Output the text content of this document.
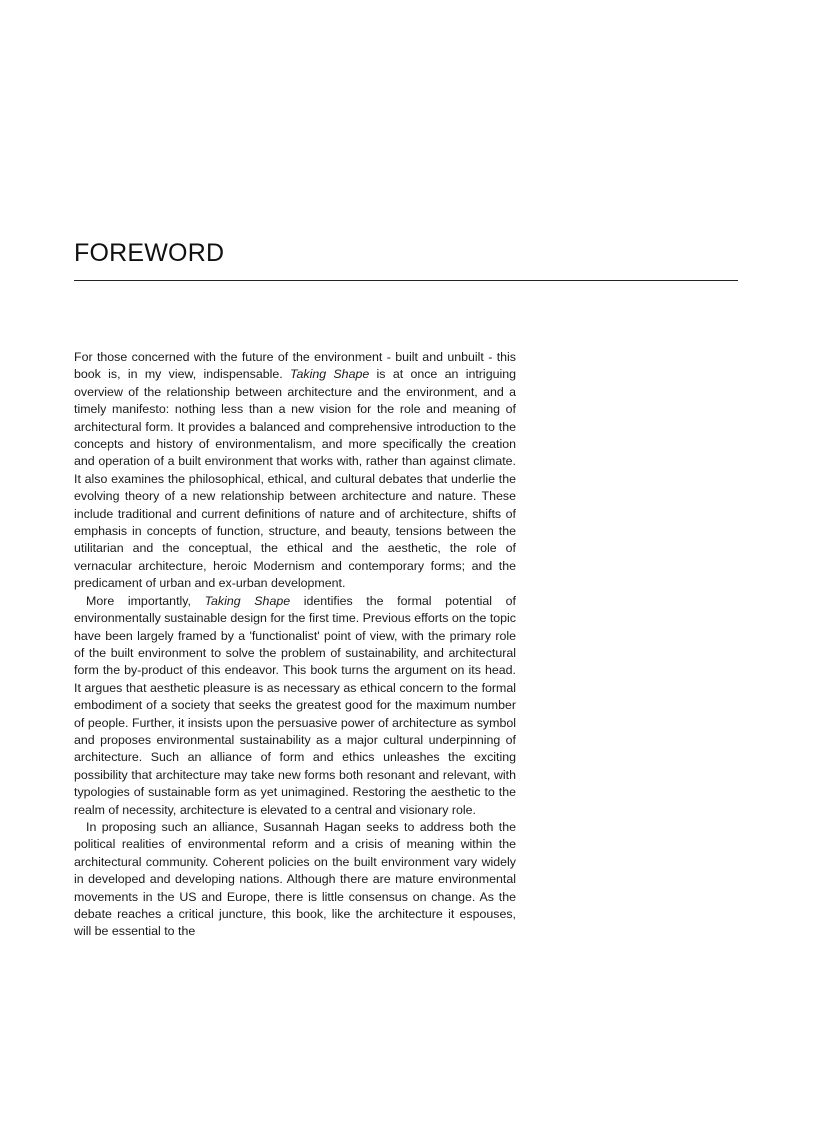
FOREWORD

For those concerned with the future of the environment - built and unbuilt - this book is, in my view, indispensable. Taking Shape is at once an intriguing overview of the relationship between architecture and the environment, and a timely manifesto: nothing less than a new vision for the role and meaning of architectural form. It provides a balanced and comprehensive introduction to the concepts and history of environmentalism, and more specifically the creation and operation of a built environment that works with, rather than against climate. It also examines the philosophical, ethical, and cultural debates that underlie the evolving theory of a new relationship between architecture and nature. These include traditional and current definitions of nature and of architecture, shifts of emphasis in concepts of function, structure, and beauty, tensions between the utilitarian and the conceptual, the ethical and the aesthetic, the role of vernacular architecture, heroic Modernism and contemporary forms; and the predicament of urban and ex-urban development.

More importantly, Taking Shape identifies the formal potential of environmentally sustainable design for the first time. Previous efforts on the topic have been largely framed by a 'functionalist' point of view, with the primary role of the built environment to solve the problem of sustainability, and architectural form the by-product of this endeavor. This book turns the argument on its head. It argues that aesthetic pleasure is as necessary as ethical concern to the formal embodiment of a society that seeks the greatest good for the maximum number of people. Further, it insists upon the persuasive power of architecture as symbol and proposes environmental sustainability as a major cultural underpinning of architecture. Such an alliance of form and ethics unleashes the exciting possibility that architecture may take new forms both resonant and relevant, with typologies of sustainable form as yet unimagined. Restoring the aesthetic to the realm of necessity, architecture is elevated to a central and visionary role.

In proposing such an alliance, Susannah Hagan seeks to address both the political realities of environmental reform and a crisis of meaning within the architectural community. Coherent policies on the built environment vary widely in developed and developing nations. Although there are mature environmental movements in the US and Europe, there is little consensus on change. As the debate reaches a critical juncture, this book, like the architecture it espouses, will be essential to the
